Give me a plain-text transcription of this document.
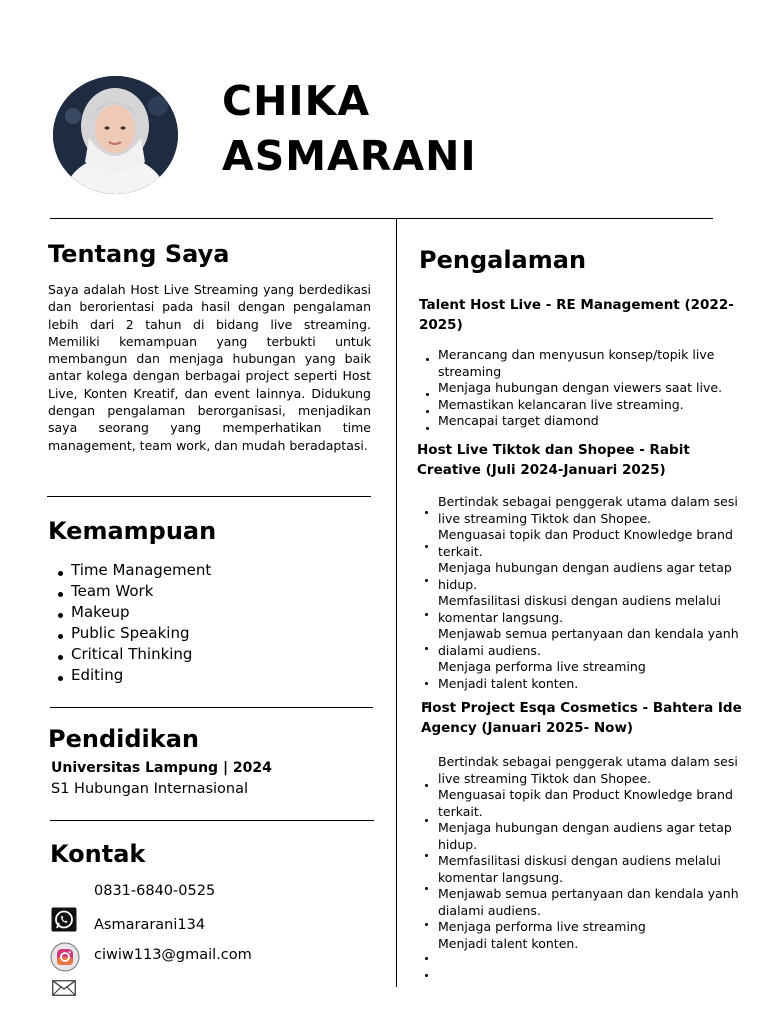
CHIKA
ASMARANI
Tentang Saya

Saya adalah Host Live Streaming yang berdedikasi dan berorientasi pada hasil dengan pengalaman lebih dari 2 tahun di bidang live streaming. Memiliki kemampuan yang terbukti untuk membangun dan menjaga hubungan yang baik antar kolega dengan berbagai project seperti Host Live, Konten Kreatif, dan event lainnya. Didukung dengan pengalaman berorganisasi, menjadikan saya seorang yang memperhatikan time management, team work, dan mudah beradaptasi.

Kemampuan
Time Management
Team Work
Makeup
Public Speaking
Critical Thinking
Editing
Pendidikan
Universitas Lampung | 2024
S1 Hubungan Internasional
Kontak
0831-6840-0525
Asmararani134
ciwiw113@gmail.com
Pengalaman
Talent Host Live - RE Management (2022-
2025)
Merancang dan menyusun konsep/topik live
streaming
Menjaga hubungan dengan viewers saat live.
Memastikan kelancaran live streaming.
Mencapai target diamond
Host Live Tiktok dan Shopee - Rabit
Creative (Juli 2024-Januari 2025)
Bertindak sebagai penggerak utama dalam sesi
live streaming Tiktok dan Shopee.
Menguasai topik dan Product Knowledge brand
terkait.
Menjaga hubungan dengan audiens agar tetap
hidup.
Memfasilitasi diskusi dengan audiens melalui
komentar langsung.
Menjawab semua pertanyaan dan kendala yanh
dialami audiens.
Menjaga performa live streaming
Menjadi talent konten.
Host Project Esqa Cosmetics - Bahtera Ide
Agency (Januari 2025- Now)
Bertindak sebagai penggerak utama dalam sesi
live streaming Tiktok dan Shopee.
Menguasai topik dan Product Knowledge brand
terkait.
Menjaga hubungan dengan audiens agar tetap
hidup.
Memfasilitasi diskusi dengan audiens melalui
komentar langsung.
Menjawab semua pertanyaan dan kendala yanh
dialami audiens.
Menjaga performa live streaming
Menjadi talent konten.
